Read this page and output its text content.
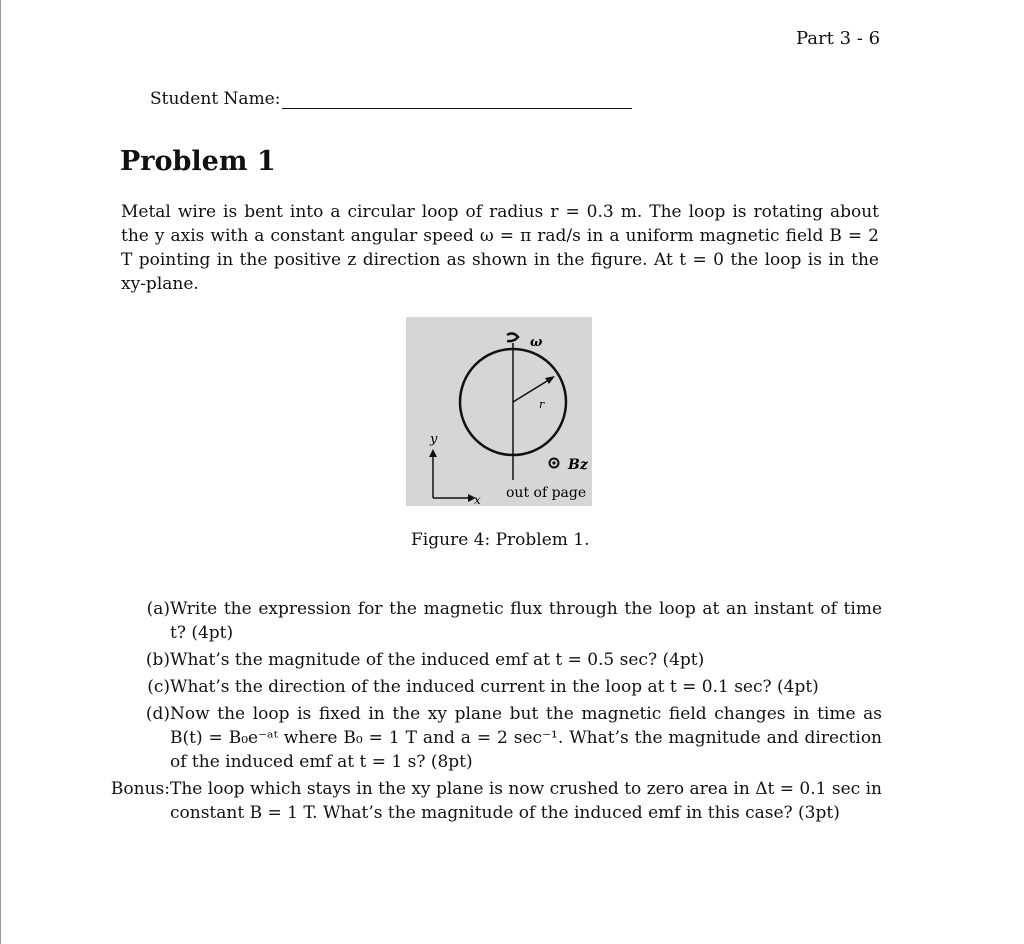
Part 3 - 6
Student Name:
Problem 1
Metal wire is bent into a circular loop of radius r = 0.3 m. The loop is rotating about the y axis with a constant angular speed ω = π rad/s in a uniform magnetic field B = 2 T pointing in the positive z direction as shown in the figure. At t = 0 the loop is in the xy-plane.
ω
r
y
x
Bz
out of page
Figure 4: Problem 1.
(a) Write the expression for the magnetic flux through the loop at an instant of time t? (4pt)
(b) What’s the magnitude of the induced emf at t = 0.5 sec? (4pt)
(c) What’s the direction of the induced current in the loop at t = 0.1 sec? (4pt)
(d) Now the loop is fixed in the xy plane but the magnetic field changes in time as B(t) = B₀e⁻ᵃᵗ where B₀ = 1 T and a = 2 sec⁻¹. What’s the magnitude and direction of the induced emf at t = 1 s? (8pt)
Bonus: The loop which stays in the xy plane is now crushed to zero area in Δt = 0.1 sec in constant B = 1 T. What’s the magnitude of the induced emf in this case? (3pt)
